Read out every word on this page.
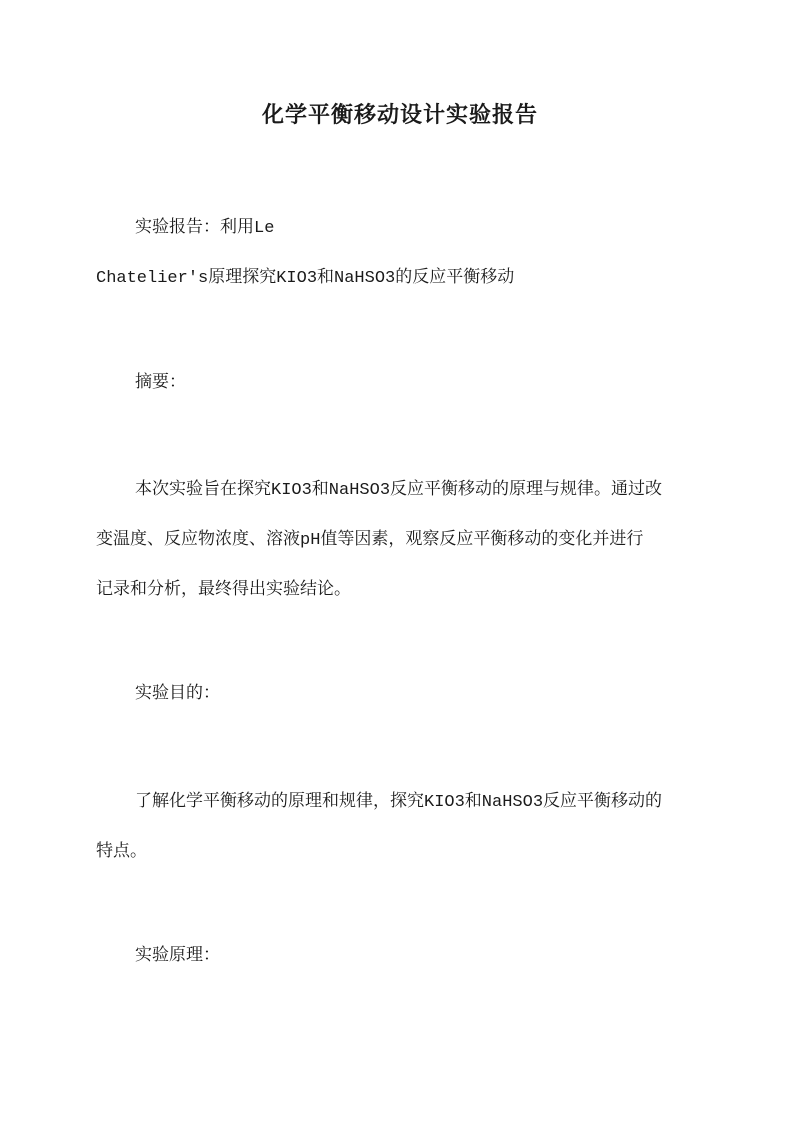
化学平衡移动设计实验报告
实验报告：利用Le
Chatelier's原理探究KIO3和NaHSO3的反应平衡移动
摘要：
本次实验旨在探究KIO3和NaHSO3反应平衡移动的原理与规律。通过改
变温度、反应物浓度、溶液pH值等因素，观察反应平衡移动的变化并进行
记录和分析，最终得出实验结论。
实验目的：
了解化学平衡移动的原理和规律，探究KIO3和NaHSO3反应平衡移动的
特点。
实验原理：
